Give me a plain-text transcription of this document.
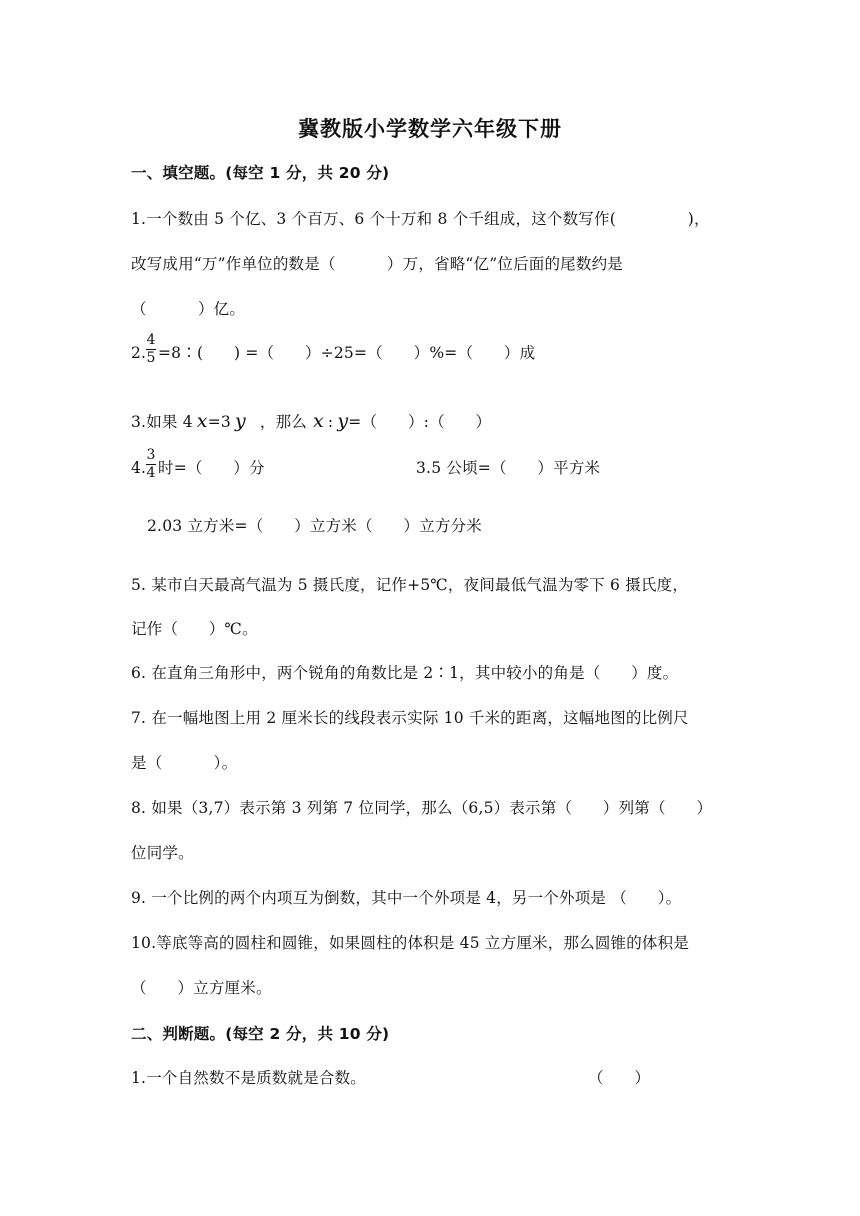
冀教版小学数学六年级下册
一、填空题。(每空 1 分，共 20 分)
1.一个数由 5 个亿、3 个百万、6 个十万和 8 个千组成，这个数写作(              )，
改写成用“万”作单位的数是（          ）万，省略“亿”位后面的尾数约是
（          ）亿。
2.
4
5 =8∶(      ) =（      ）÷25=（      ）%=（      ）成
3.如果 4 x =3 y ，那么 x : y =（      ）:（      ）
4.
3
4 时=（      ）分	3.5 公顷=（      ）平方米
2.03 立方米=（      ）立方米（      ）立方分米
5. 某市白天最高气温为 5 摄氏度，记作+5℃，夜间最低气温为零下 6 摄氏度，
记作（      ）℃。
6. 在直角三角形中，两个锐角的角数比是 2∶1，其中较小的角是（      ）度。
7. 在一幅地图上用 2 厘米长的线段表示实际 10 千米的距离，这幅地图的比例尺
是（          ）。
8. 如果（3,7）表示第 3 列第 7 位同学，那么（6,5）表示第（      ）列第（      ）
位同学。
9. 一个比例的两个内项互为倒数，其中一个外项是 4，另一个外项是 （      ）。
10.等底等高的圆柱和圆锥，如果圆柱的体积是 45 立方厘米，那么圆锥的体积是
（      ）立方厘米。
二、判断题。(每空 2 分，共 10 分)
1.一个自然数不是质数就是合数。	（      ）
